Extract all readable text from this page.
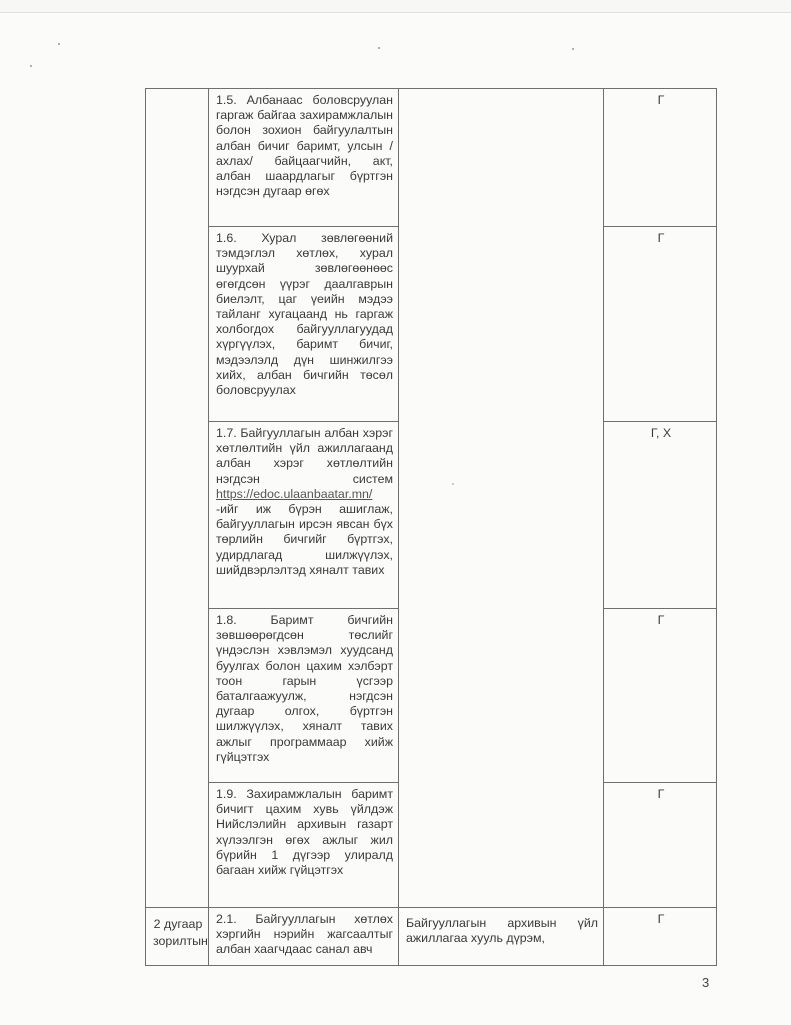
	1.5. Албанаас боловсруулан гаргаж байгаа захирамжлалын болон зохион байгуулалтын албан бичиг баримт, улсын /ахлах/ байцаагчийн, акт, албан шаардлагыг бүртгэн нэгдсэн дугаар өгөх		Г

	1.6. Хурал зөвлөгөөний тэмдэглэл хөтлөх, хурал шуурхай зөвлөгөөнөөс өгөгдсөн үүрэг даалгаврын биелэлт, цаг үеийн мэдээ тайланг хугацаанд нь гаргаж холбогдох байгууллагуудад хүргүүлэх, баримт бичиг, мэдээлэлд дүн шинжилгээ хийх, албан бичгийн төсөл боловсруулах		Г

	1.7. Байгууллагын албан хэрэг хөтлөлтийн үйл ажиллагаанд албан хэрэг хөтлөлтийн нэгдсэн систем https://edoc.ulaanbaatar.mn/ -ийг иж бүрэн ашиглаж, байгууллагын ирсэн явсан бүх төрлийн бичгийг бүртгэх, удирдлагад шилжүүлэх, шийдвэрлэлтэд хяналт тавих		Г, Х

	1.8. Баримт бичгийн зөвшөөрөгдсөн төслийг үндэслэн хэвлэмэл хуудсанд буулгах болон цахим хэлбэрт тоон гарын үсгээр баталгаажуулж, нэгдсэн дугаар олгох, бүртгэн шилжүүлэх, хяналт тавих ажлыг программаар хийж гүйцэтгэх		Г

	1.9. Захирамжлалын баримт бичигт цахим хувь үйлдэж Нийслэлийн архивын газарт хүлээлгэн өгөх ажлыг жил бүрийн 1 дүгээр улиралд багаан хийж гүйцэтгэх		Г
2 дугаар зорилтын	2.1. Байгууллагын хөтлөх хэргийн нэрийн жагсаалтыг албан хаагчдаас санал авч	Байгууллагын архивын үйл ажиллагаа хууль дүрэм,	Г
3
